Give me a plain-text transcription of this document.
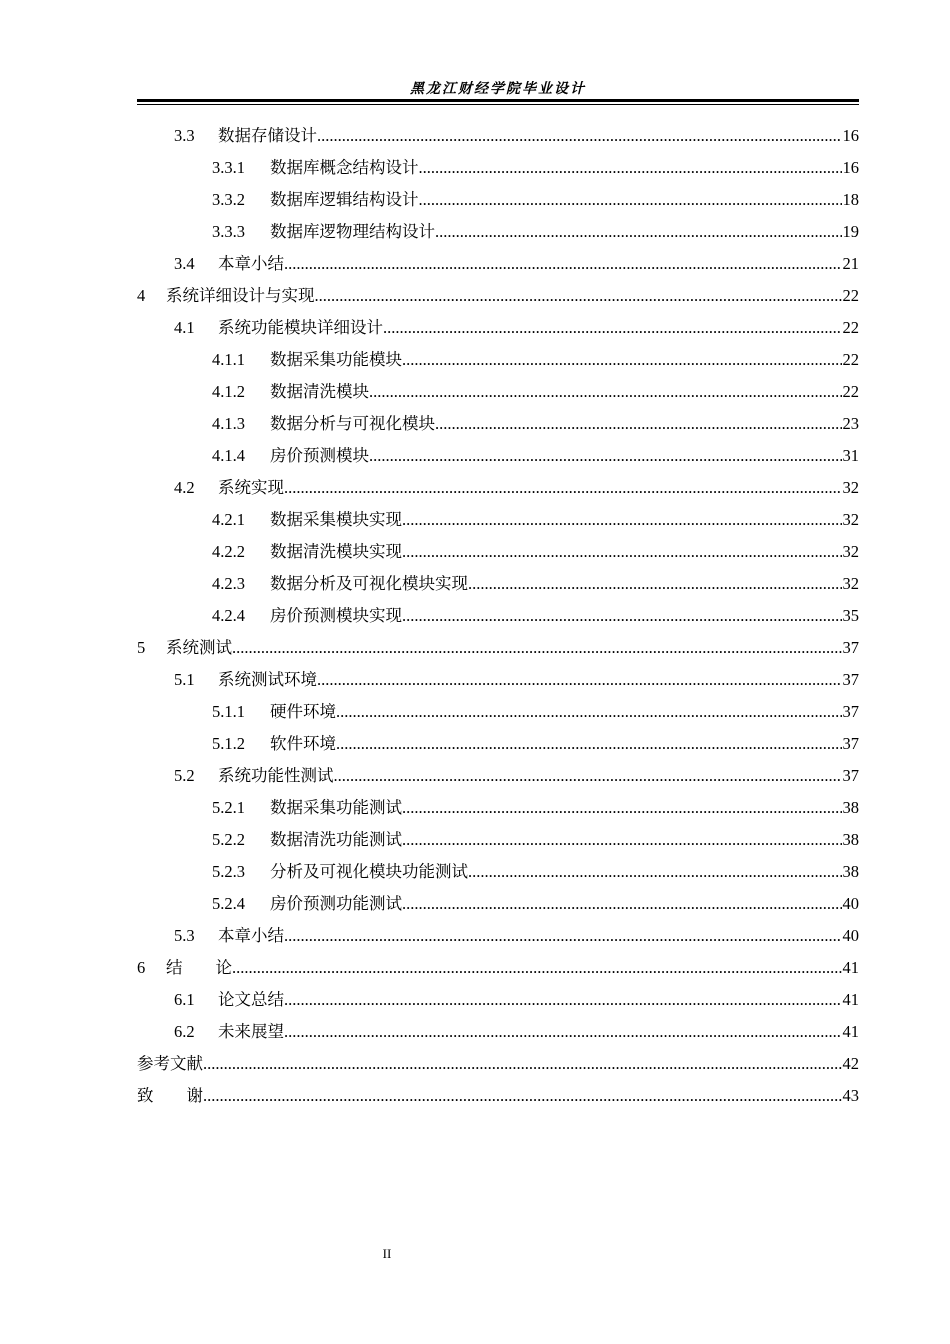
黑龙江财经学院毕业设计
3.3	数据存储设计 .....	16
3.3.1	数据库概念结构设计 .....	16
3.3.2	数据库逻辑结构设计 .....	18
3.3.3	数据库逻物理结构设计 .....	19
3.4	本章小结 .....	21
4	系统详细设计与实现 .....	22
4.1	系统功能模块详细设计 .....	22
4.1.1	数据采集功能模块 .....	22
4.1.2	数据清洗模块 .....	22
4.1.3	数据分析与可视化模块 .....	23
4.1.4	房价预测模块 .....	31
4.2	系统实现 .....	32
4.2.1	数据采集模块实现 .....	32
4.2.2	数据清洗模块实现 .....	32
4.2.3	数据分析及可视化模块实现 .....	32
4.2.4	房价预测模块实现 .....	35
5	系统测试 .....	37
5.1	系统测试环境 .....	37
5.1.1	硬件环境 .....	37
5.1.2	软件环境 .....	37
5.2	系统功能性测试 .....	37
5.2.1	数据采集功能测试 .....	38
5.2.2	数据清洗功能测试 .....	38
5.2.3	分析及可视化模块功能测试 .....	38
5.2.4	房价预测功能测试 .....	40
5.3	本章小结 .....	40
6	结　　论 .....	41
6.1	论文总结 .....	41
6.2	未来展望 .....	41
参考文献 .....	42
致　　谢 .....	43
II
